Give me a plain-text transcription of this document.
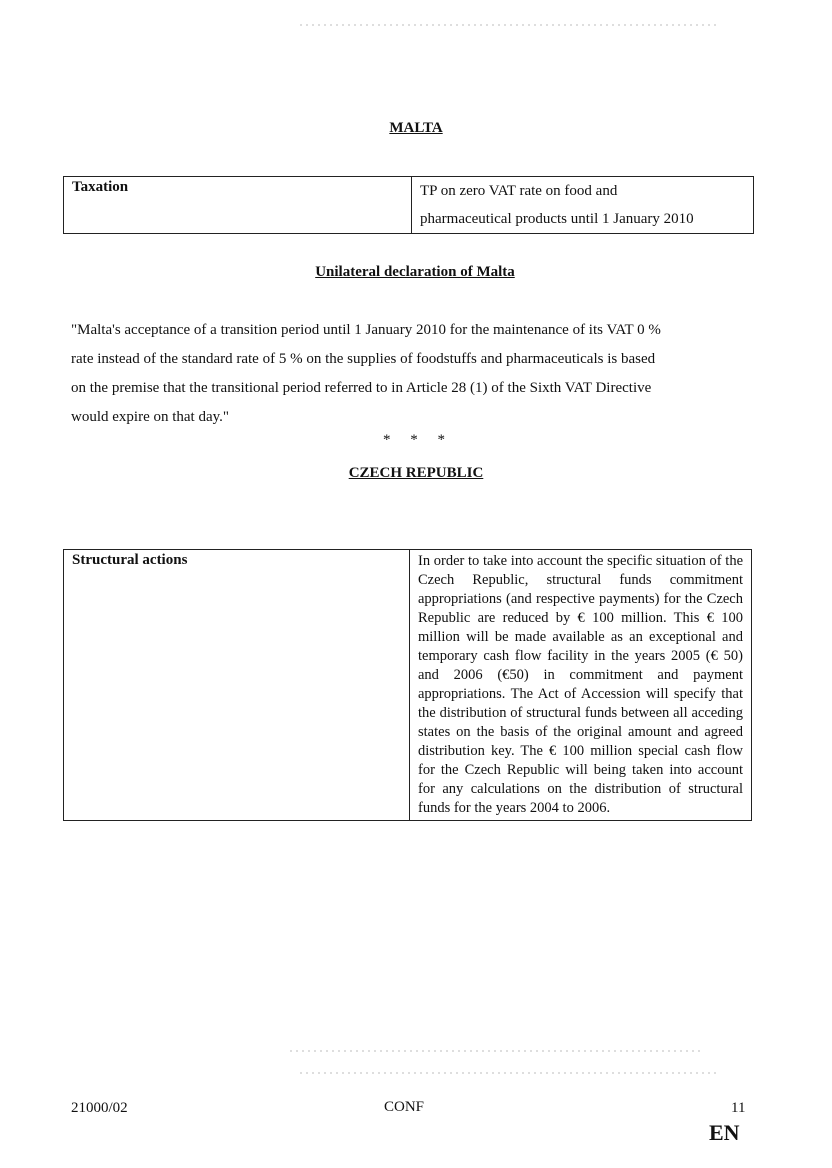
MALTA
Taxation	TP on zero VAT rate on food and
pharmaceutical products until 1 January 2010
Unilateral declaration of Malta
"Malta's acceptance of a transition period until 1 January 2010 for the maintenance of its VAT 0 %
rate instead of the standard rate of 5 % on the supplies of foodstuffs and pharmaceuticals is based
on the premise that the transitional period referred to in Article 28 (1) of the Sixth VAT Directive
would expire on that day."
* * *
CZECH REPUBLIC
Structural actions	In order to take into account the specific situation of the Czech Republic, structural funds commitment appropriations (and respective payments) for the Czech Republic are reduced by € 100 million. This € 100 million will be made available as an exceptional and temporary cash flow facility in the years 2005 (€ 50) and 2006 (€50) in commitment and payment appropriations. The Act of Accession will specify that the distribution of structural funds between all acceding states on the basis of the original amount and agreed distribution key. The € 100 million special cash flow for the Czech Republic will being taken into account for any calculations on the distribution of structural funds for the years 2004 to 2006.
21000/02	CONF	11
EN
